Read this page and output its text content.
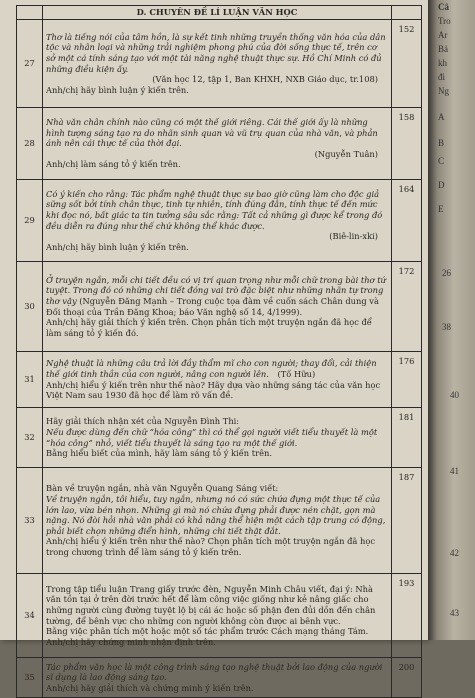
	D. CHUYÊN ĐỀ LÍ LUẬN VĂN HỌC	
27	Thơ là tiếng nói của tâm hồn, là sự kết tinh những truyền thống văn hóa của dân tộc và nhân loại và những trải nghiệm phong phú của đời sống thực tế, trên cơ sở một cá tính sáng tạo với một tài năng nghệ thuật thực sự. Hồ Chí Minh có đủ những điều kiện ấy.
(Văn học 12, tập 1, Ban KHXH, NXB Giáo dục, tr.108)
Anh/chị hãy bình luận ý kiến trên.	152
28	Nhà văn chân chính nào cũng có một thế giới riêng. Cái thế giới ấy là những hình tượng sáng tạo ra do nhãn sinh quan và vũ trụ quan của nhà văn, và phản ánh nên cái thực tế của thời đại.
(Nguyễn Tuân)
Anh/chị làm sáng tỏ ý kiến trên.	158
29	Có ý kiến cho rằng: Tác phẩm nghệ thuật thực sự bao giờ cũng làm cho độc giả sững sốt bởi tính chân thực, tinh tự nhiên, tính đúng đắn, tính thực tế đến mức khi đọc nó, bất giác ta tin tưởng sâu sắc rằng: Tất cả những gì được kể trong đó đều diễn ra đúng như thế chứ không thể khác được.
(Biê-lin-xki)
Anh/chị hãy bình luận ý kiến trên.	164
30	Ở truyện ngắn, mỗi chi tiết đều có vị trí quan trọng như mỗi chữ trong bài thơ tứ tuyệt. Trong đó có những chi tiết đóng vai trò đặc biệt như những nhãn tự trong thơ vậy (Nguyễn Đăng Mạnh – Trong cuộc tọa đàm về cuốn sách Chân dung và Đối thoại của Trần Đăng Khoa; báo Văn nghệ số 14, 4/1999).
Anh/chị hãy giải thích ý kiến trên. Chọn phân tích một truyện ngắn đã học để làm sáng tỏ ý kiến đó.	172
31	Nghệ thuật là những câu trả lời đầy thẩm mĩ cho con người; thay đổi, cải thiện thế giới tinh thần của con người, nâng con người lên. (Tố Hữu)
Anh/chị hiểu ý kiến trên như thế nào? Hãy dựa vào những sáng tác của văn học Việt Nam sau 1930 đã học để làm rõ vấn đề.	176
32	Hãy giải thích nhận xét của Nguyễn Đình Thi:
Nếu được dùng đến chữ “hóa công” thì có thể gọi người viết tiểu thuyết là một “hóa công” nhỏ, viết tiểu thuyết là sáng tạo ra một thế giới.
Bằng hiểu biết của mình, hãy làm sáng tỏ ý kiến trên.	181
33	Bàn về truyện ngắn, nhà văn Nguyễn Quang Sáng viết:
Về truyện ngắn, tôi hiểu, tuy ngắn, nhưng nó có sức chứa đựng một thực tế của lớn lao, vừa bén nhọn. Những gì mà nó chứa đựng phải được nén chặt, gọn mà nặng. Nó đòi hỏi nhà văn phải có khả năng thể hiện một cách tập trung có động, phải biết chọn những điển hình, những chi tiết thật đắt.
Anh/chị hiểu ý kiến trên như thế nào? Chọn phân tích một truyện ngắn đã học trong chương trình để làm sáng tỏ ý kiến trên.	187
34	Trong tập tiểu luận Trang giấy trước đèn, Nguyễn Minh Châu viết, đại ý: Nhà văn tồn tại ở trên đời trước hết để làm công việc giống như kẻ nâng giấc cho những người cùng đường tuyệt lộ bị cái ác hoặc số phận đen đủi dồn đến chân tường, để bênh vực cho những con người không còn được ai bênh vực.
Bằng việc phân tích một hoặc một số tác phẩm trước Cách mạng tháng Tám. Anh/chị hãy chứng minh nhận định trên.	193
35	Tác phẩm văn học là một công trình sáng tạo nghệ thuật bởi lao động của người sĩ dụng là lao động sáng tạo.
Anh/chị hãy giải thích và chứng minh ý kiến trên.	200
Câ
Tro
Ar
Bả
kh
đi
Ng
A
B
C
D
E
26
38
40
41
42
43
